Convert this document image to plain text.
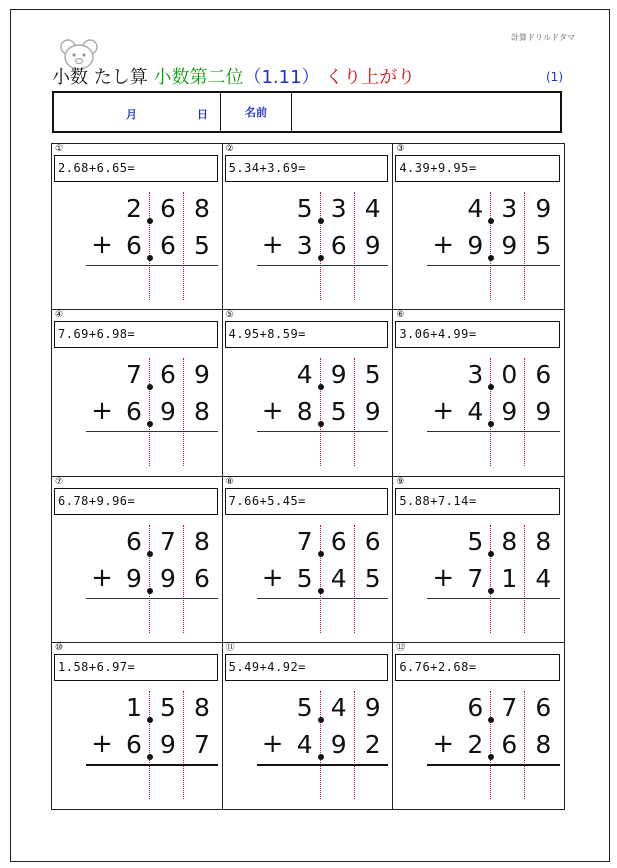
計算ドリルドタマ
小数 たし算 小数第二位（1.11） くり上がり	(1)
月	日	名前
①
2.68+6.65=
2 6 8
6 6 5
+
②
5.34+3.69=
5 3 4
3 6 9
+
③
4.39+9.95=
4 3 9
9 9 5
+
④
7.69+6.98=
7 6 9
6 9 8
+
⑤
4.95+8.59=
4 9 5
8 5 9
+
⑥
3.06+4.99=
3 0 6
4 9 9
+
⑦
6.78+9.96=
6 7 8
9 9 6
+
⑧
7.66+5.45=
7 6 6
5 4 5
+
⑨
5.88+7.14=
5 8 8
7 1 4
+
⑩
1.58+6.97=
1 5 8
6 9 7
+
⑪
5.49+4.92=
5 4 9
4 9 2
+
⑫
6.76+2.68=
6 7 6
2 6 8
+
